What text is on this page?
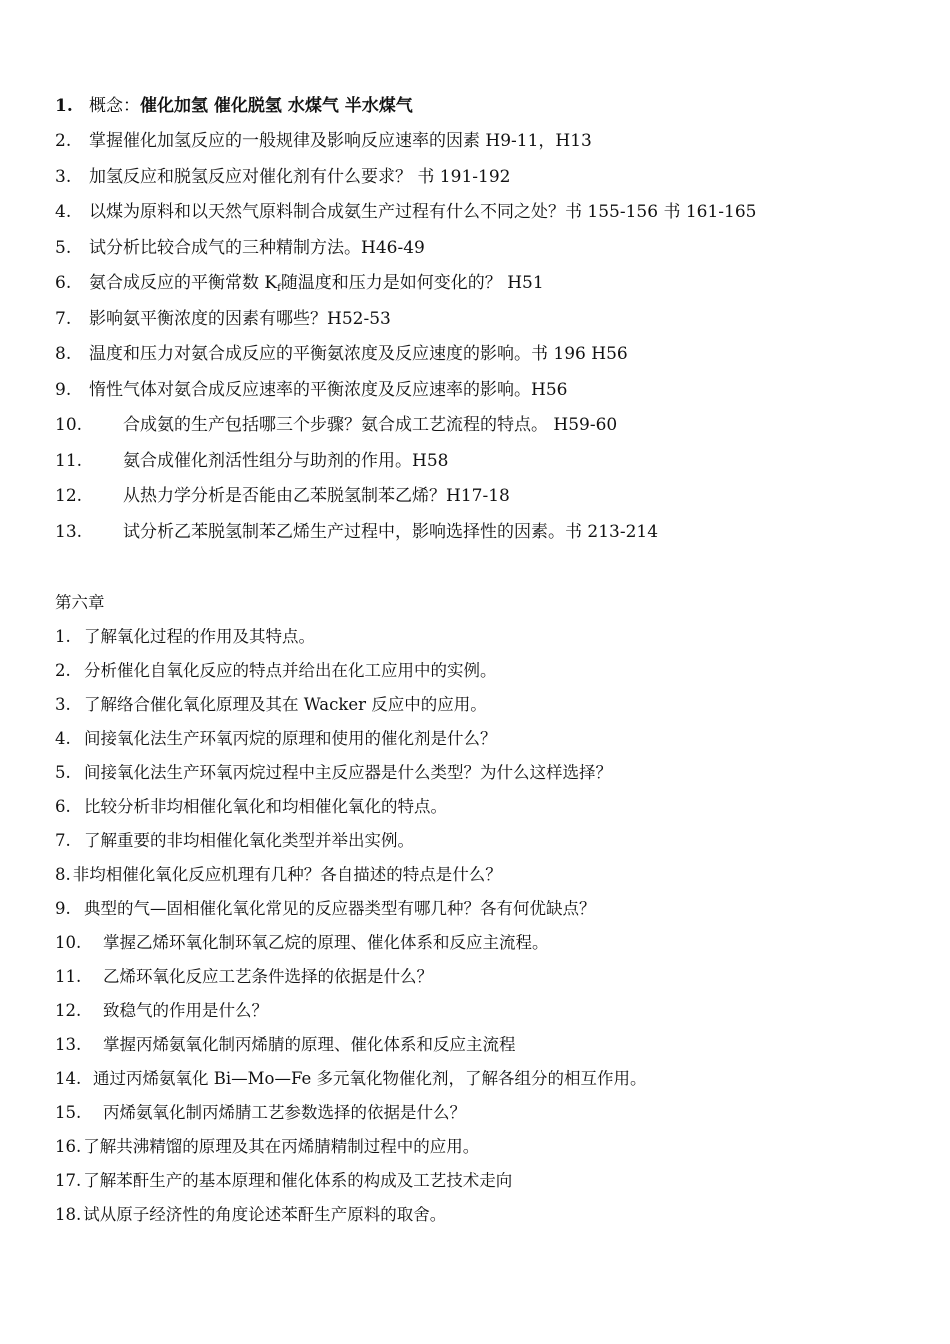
1. 概念：催化加氢 催化脱氢 水煤气 半水煤气
2. 掌握催化加氢反应的一般规律及影响反应速率的因素 H9-11，H13
3. 加氢反应和脱氢反应对催化剂有什么要求？ 书 191-192
4. 以煤为原料和以天然气原料制合成氨生产过程有什么不同之处？书 155-156 书 161-165
5. 试分析比较合成气的三种精制方法。H46-49
6. 氨合成反应的平衡常数 $K_f$随温度和压力是如何变化的？ H51
7. 影响氨平衡浓度的因素有哪些？H52-53
8. 温度和压力对氨合成反应的平衡氨浓度及反应速度的影响。书 196 H56
9. 惰性气体对氨合成反应速率的平衡浓度及反应速率的影响。H56
10. 合成氨的生产包括哪三个步骤？氨合成工艺流程的特点。 H59-60
11. 氨合成催化剂活性组分与助剂的作用。H58
12. 从热力学分析是否能由乙苯脱氢制苯乙烯？H17-18
13. 试分析乙苯脱氢制苯乙烯生产过程中，影响选择性的因素。书 213-214
第六章
1. 了解氧化过程的作用及其特点。
2. 分析催化自氧化反应的特点并给出在化工应用中的实例。
3. 了解络合催化氧化原理及其在 Wacker 反应中的应用。
4. 间接氧化法生产环氧丙烷的原理和使用的催化剂是什么？
5. 间接氧化法生产环氧丙烷过程中主反应器是什么类型？为什么这样选择？
6. 比较分析非均相催化氧化和均相催化氧化的特点。
7. 了解重要的非均相催化氧化类型并举出实例。
8. 非均相催化氧化反应机理有几种？各自描述的特点是什么？
9. 典型的气—固相催化氧化常见的反应器类型有哪几种？各有何优缺点？
10. 掌握乙烯环氧化制环氧乙烷的原理、催化体系和反应主流程。
11. 乙烯环氧化反应工艺条件选择的依据是什么？
12. 致稳气的作用是什么？
13. 掌握丙烯氨氧化制丙烯腈的原理、催化体系和反应主流程
14. 通过丙烯氨氧化 Bi—Mo—Fe 多元氧化物催化剂，了解各组分的相互作用。
15. 丙烯氨氧化制丙烯腈工艺参数选择的依据是什么？
16. 了解共沸精馏的原理及其在丙烯腈精制过程中的应用。
17. 了解苯酐生产的基本原理和催化体系的构成及工艺技术走向
18. 试从原子经济性的角度论述苯酐生产原料的取舍。
